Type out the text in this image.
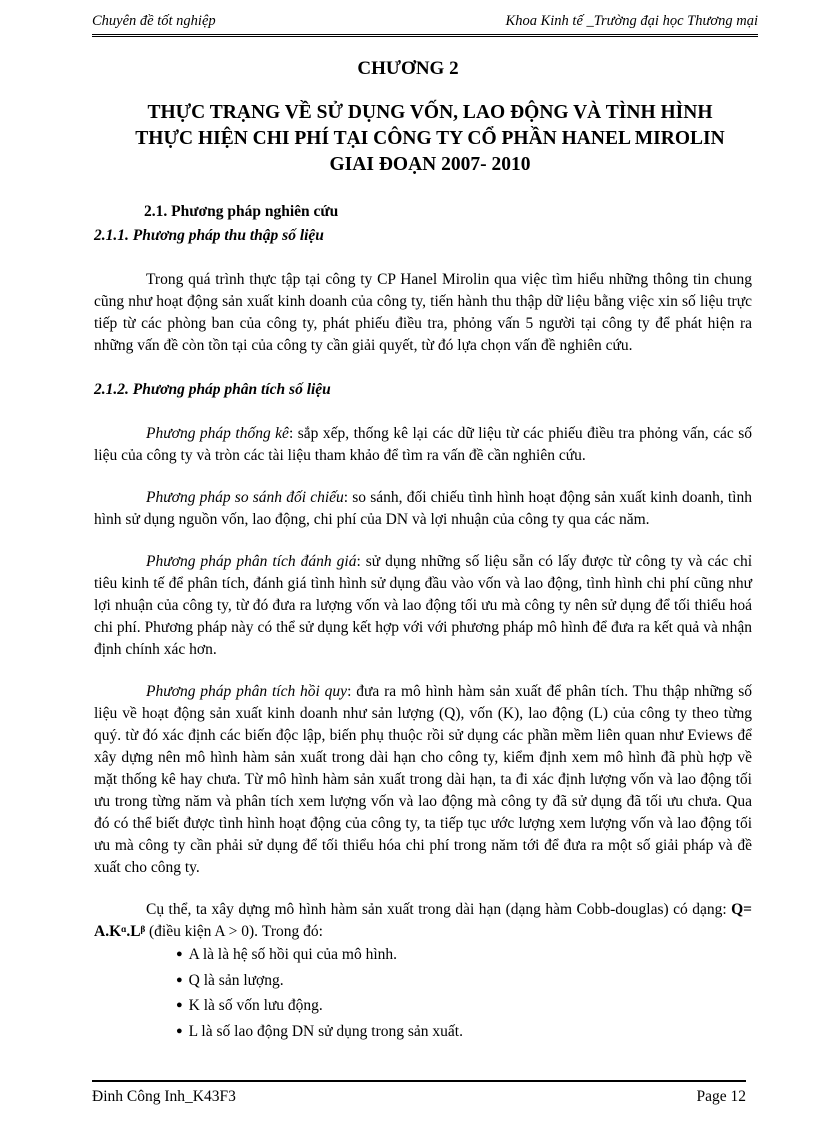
Chuyên đề tốt nghiệp	Khoa Kinh tế _Trường đại học Thương mại
CHƯƠNG 2
THỰC TRẠNG VỀ SỬ DỤNG VỐN, LAO ĐỘNG VÀ TÌNH HÌNH
THỰC HIỆN CHI PHÍ TẠI CÔNG TY CỔ PHẦN HANEL MIROLIN
GIAI ĐOẠN 2007- 2010
2.1. Phương pháp nghiên cứu
2.1.1. Phương pháp thu thập số liệu

Trong quá trình thực tập tại công ty CP Hanel Mirolin qua việc tìm hiểu những thông tin chung cũng như hoạt động sản xuất kinh doanh của công ty, tiến hành thu thập dữ liệu bằng việc xin số liệu trực tiếp từ các phòng ban của công ty, phát phiếu điều tra, phỏng vấn 5 người tại công ty để phát hiện ra những vấn đề còn tồn tại của công ty cần giải quyết, từ đó lựa chọn vấn đề nghiên cứu.

2.1.2. Phương pháp phân tích số liệu

Phương pháp thống kê: sắp xếp, thống kê lại các dữ liệu từ các phiếu điều tra phỏng vấn, các số liệu của công ty và tròn các tài liệu tham khảo để tìm ra vấn đề cần nghiên cứu.

Phương pháp so sánh đối chiếu: so sánh, đối chiếu tình hình hoạt động sản xuất kinh doanh, tình hình sử dụng nguồn vốn, lao động, chi phí của DN và lợi nhuận của công ty qua các năm.

Phương pháp phân tích đánh giá: sử dụng những số liệu sẵn có lấy được từ công ty và các chỉ tiêu kinh tế để phân tích, đánh giá tình hình sử dụng đầu vào vốn và lao động, tình hình chi phí cũng như lợi nhuận của công ty, từ đó đưa ra lượng vốn và lao động tối ưu mà công ty nên sử dụng để tối thiểu hoá chi phí. Phương pháp này có thể sử dụng kết hợp với với phương pháp mô hình để đưa ra kết quả và nhận định chính xác hơn.

Phương pháp phân tích hồi quy: đưa ra mô hình hàm sản xuất để phân tích. Thu thập những số liệu về hoạt động sản xuất kinh doanh như sản lượng (Q), vốn (K), lao động (L) của công ty theo từng quý. từ đó xác định các biến độc lập, biến phụ thuộc rồi sử dụng các phần mềm liên quan như Eviews để xây dựng nên mô hình hàm sản xuất trong dài hạn cho công ty, kiểm định xem mô hình đã phù hợp về mặt thống kê hay chưa. Từ mô hình hàm sản xuất trong dài hạn, ta đi xác định lượng vốn và lao động tối ưu trong từng năm và phân tích xem lượng vốn và lao động mà công ty đã sử dụng đã tối ưu chưa. Qua đó có thể biết được tình hình hoạt động của công ty, ta tiếp tục ước lượng xem lượng vốn và lao động tối ưu mà công ty cần phải sử dụng để tối thiểu hóa chi phí trong năm tới để đưa ra một số giải pháp và đề xuất cho công ty.

Cụ thể, ta xây dựng mô hình hàm sản xuất trong dài hạn (dạng hàm Cobb-douglas) có dạng: Q= A.Kᵅ.Lᵝ (điều kiện A > 0). Trong đó:

● A là là hệ số hồi qui của mô hình.
● Q là sản lượng.
● K là số vốn lưu động.
● L là số lao động DN sử dụng trong sản xuất.
Đinh Công Inh_K43F3	Page 12
